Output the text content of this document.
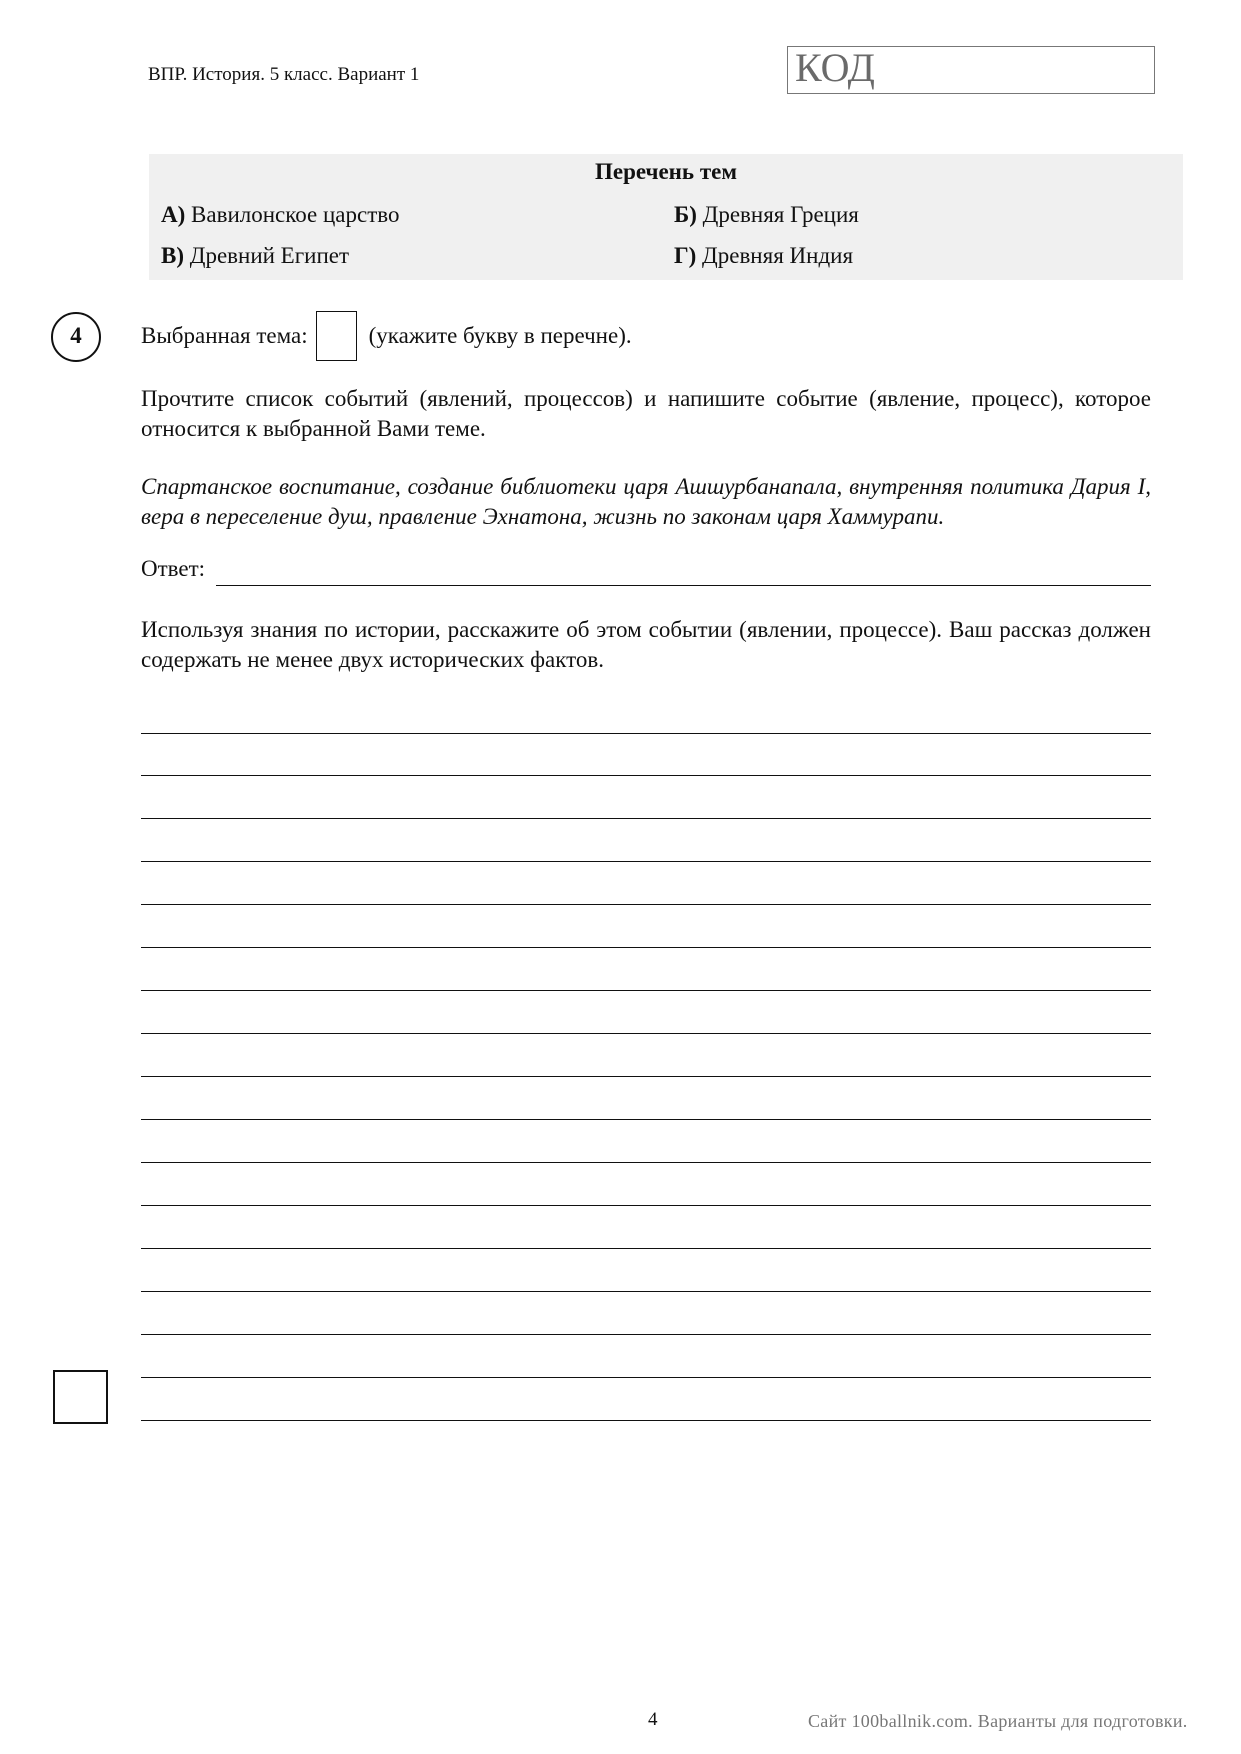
ВПР. История. 5 класс. Вариант 1	КОД
Перечень тем
А) Вавилонское царство	Б) Древняя Греция
В) Древний Египет	Г) Древняя Индия
4	Выбранная тема:	(укажите букву в перечне).
Прочтите список событий (явлений, процессов) и напишите событие (явление, процесс), которое относится к выбранной Вами теме.
Спартанское воспитание, создание библиотеки царя Ашшурбанапала, внутренняя политика Дария I, вера в переселение душ, правление Эхнатона, жизнь по законам царя Хаммурапи.
Ответ:
Используя знания по истории, расскажите об этом событии (явлении, процессе). Ваш рассказ должен содержать не менее двух исторических фактов.
4	Сайт 100ballnik.com. Варианты для подготовки.
